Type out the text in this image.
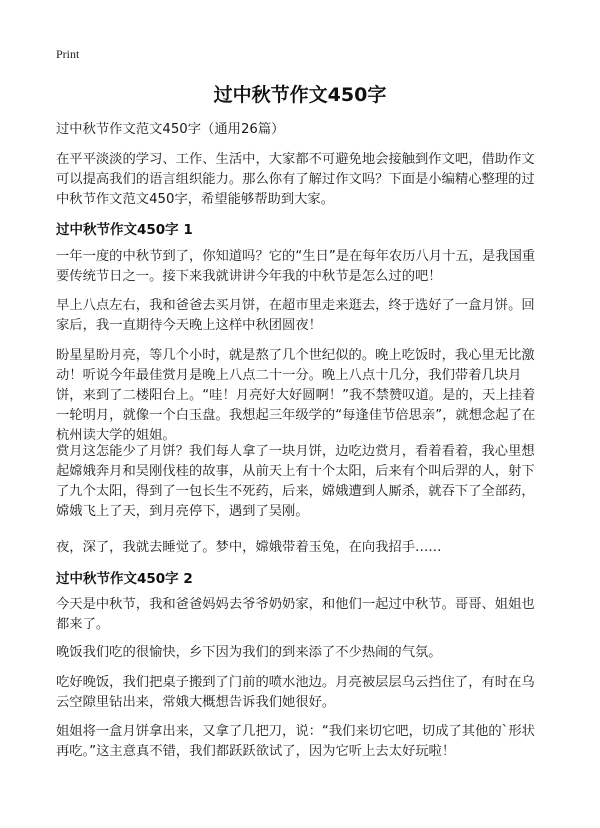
Print
过中秋节作文450字
过中秋节作文范文450字（通用26篇）
在平平淡淡的学习、工作、生活中，大家都不可避免地会接触到作文吧，借助作文可以提高我们的语言组织能力。那么你有了解过作文吗？下面是小编精心整理的过中秋节作文范文450字，希望能够帮助到大家。
过中秋节作文450字 1
一年一度的中秋节到了，你知道吗？它的“生日”是在每年农历八月十五，是我国重要传统节日之一。接下来我就讲讲今年我的中秋节是怎么过的吧！
早上八点左右，我和爸爸去买月饼，在超市里走来逛去，终于选好了一盒月饼。回家后，我一直期待今天晚上这样中秋团圆夜！
盼星星盼月亮，等几个小时，就是熬了几个世纪似的。晚上吃饭时，我心里无比激动！听说今年最佳赏月是晚上八点二十一分。晚上八点十几分，我们带着几块月饼，来到了二楼阳台上。“哇！月亮好大好圆啊！”我不禁赞叹道。是的，天上挂着一轮明月，就像一个白玉盘。我想起三年级学的“每逢佳节倍思亲”，就想念起了在杭州读大学的姐姐。
赏月这怎能少了月饼？我们每人拿了一块月饼，边吃边赏月，看着看着，我心里想起嫦娥奔月和吴刚伐桂的故事，从前天上有十个太阳，后来有个叫后羿的人，射下了九个太阳，得到了一包长生不死药，后来，嫦娥遭到人厮杀，就吞下了全部药，嫦娥飞上了天，到月亮停下，遇到了吴刚。
夜，深了，我就去睡觉了。梦中，嫦娥带着玉兔，在向我招手……
过中秋节作文450字 2
今天是中秋节，我和爸爸妈妈去爷爷奶奶家，和他们一起过中秋节。哥哥、姐姐也都来了。
晚饭我们吃的很愉快，乡下因为我们的到来添了不少热闹的气氛。
吃好晚饭，我们把桌子搬到了门前的喷水池边。月亮被层层乌云挡住了，有时在乌云空隙里钻出来，常娥大概想告诉我们她很好。
姐姐将一盒月饼拿出来，又拿了几把刀，说：“我们来切它吧，切成了其他的`形状再吃。”这主意真不错，我们都跃跃欲试了，因为它听上去太好玩啦！
